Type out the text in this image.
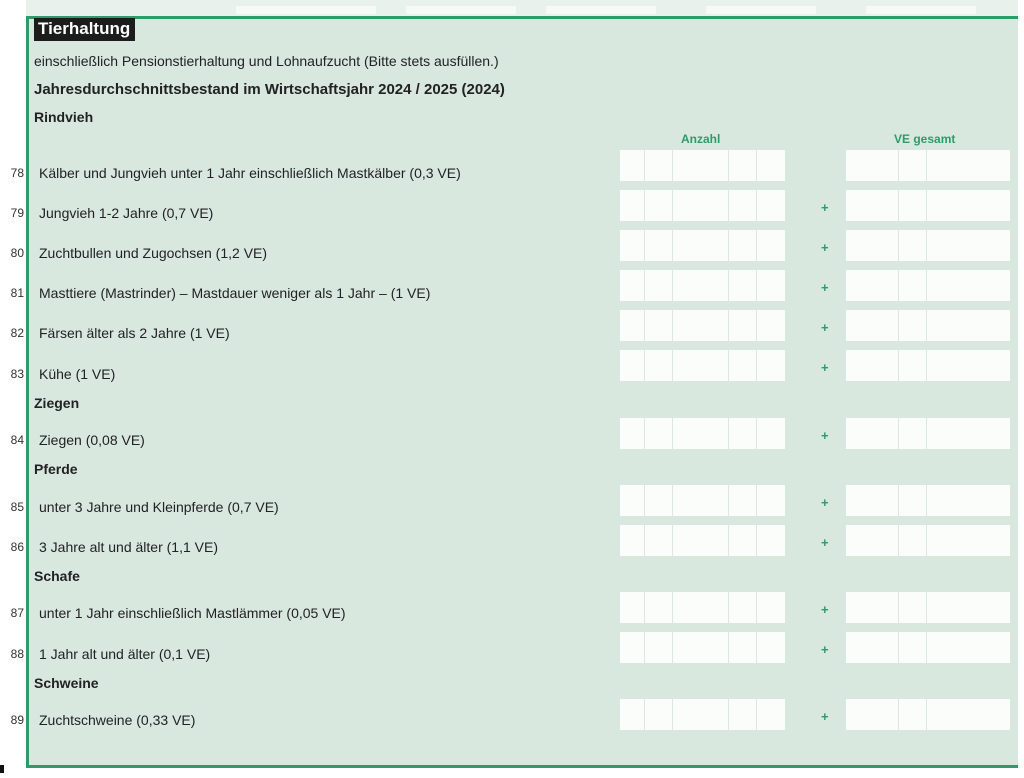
Tierhaltung
einschließlich Pensionstierhaltung und Lohnaufzucht (Bitte stets ausfüllen.)
Jahresdurchschnittsbestand im Wirtschaftsjahr 2024 / 2025 (2024)
Rindvieh
Anzahl	VE gesamt
78 Kälber und Jungvieh unter 1 Jahr einschließlich Mastkälber (0,3 VE)
79 Jungvieh 1-2 Jahre (0,7 VE)	+
80 Zuchtbullen und Zugochsen (1,2 VE)	+
81 Masttiere (Mastrinder) – Mastdauer weniger als 1 Jahr – (1 VE)	+
82 Färsen älter als 2 Jahre (1 VE)	+
83 Kühe (1 VE)	+
Ziegen
84 Ziegen (0,08 VE)	+
Pferde
85 unter 3 Jahre und Kleinpferde (0,7 VE)	+
86 3 Jahre alt und älter (1,1 VE)	+
Schafe
87 unter 1 Jahr einschließlich Mastlämmer (0,05 VE)	+
88 1 Jahr alt und älter (0,1 VE)	+
Schweine
89 Zuchtschweine (0,33 VE)	+
